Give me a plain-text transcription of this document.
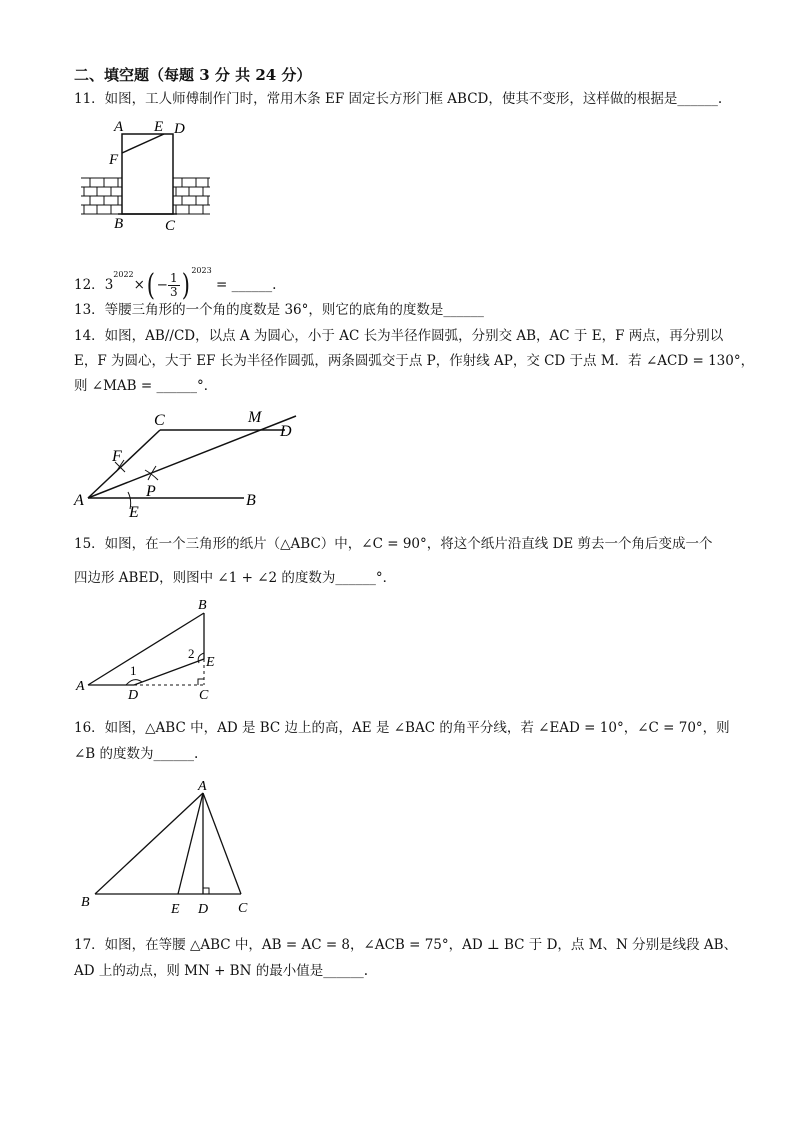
二、填空题（每题 3 分 共 24 分）
11．如图，工人师傅制作门时，常用木条 EF 固定长方形门框 ABCD，使其不变形，这样做的根据是______.
A E D
F
B	C
12．$3^{2022}\times( - \frac{1}{3}$ ) $^{2023}$ = ______.
13．等腰三角形的一个角的度数是 36°，则它的底角的度数是______
14．如图，AB//CD，以点 A 为圆心，小于 AC 长为半径作圆弧，分别交 AB，AC 于 E，F 两点，再分别以
E，F 为圆心，大于 EF 长为半径作圆弧，两条圆弧交于点 P，作射线 AP，交 CD 于点 M．若 ∠ACD = 130°，
则 ∠MAB = ______°．
C	M
D
F
P
A	B
E
15．如图，在一个三角形的纸片（△ABC）中，∠C = 90°，将这个纸片沿直线 DE 剪去一个角后变成一个
四边形 ABED，则图中 ∠1 + ∠2 的度数为______°．
B
2
E
1
A
D	C
16．如图，△ABC 中，AD 是 BC 边上的高，AE 是 ∠BAC 的角平分线，若 ∠EAD = 10°，∠C = 70°，则
∠B 的度数为______.
A
B	E D C
17．如图，在等腰 △ABC 中，AB = AC = 8，∠ACB = 75°，AD ⊥ BC 于 D，点 M、N 分别是线段 AB、
AD 上的动点，则 MN + BN 的最小值是______.
